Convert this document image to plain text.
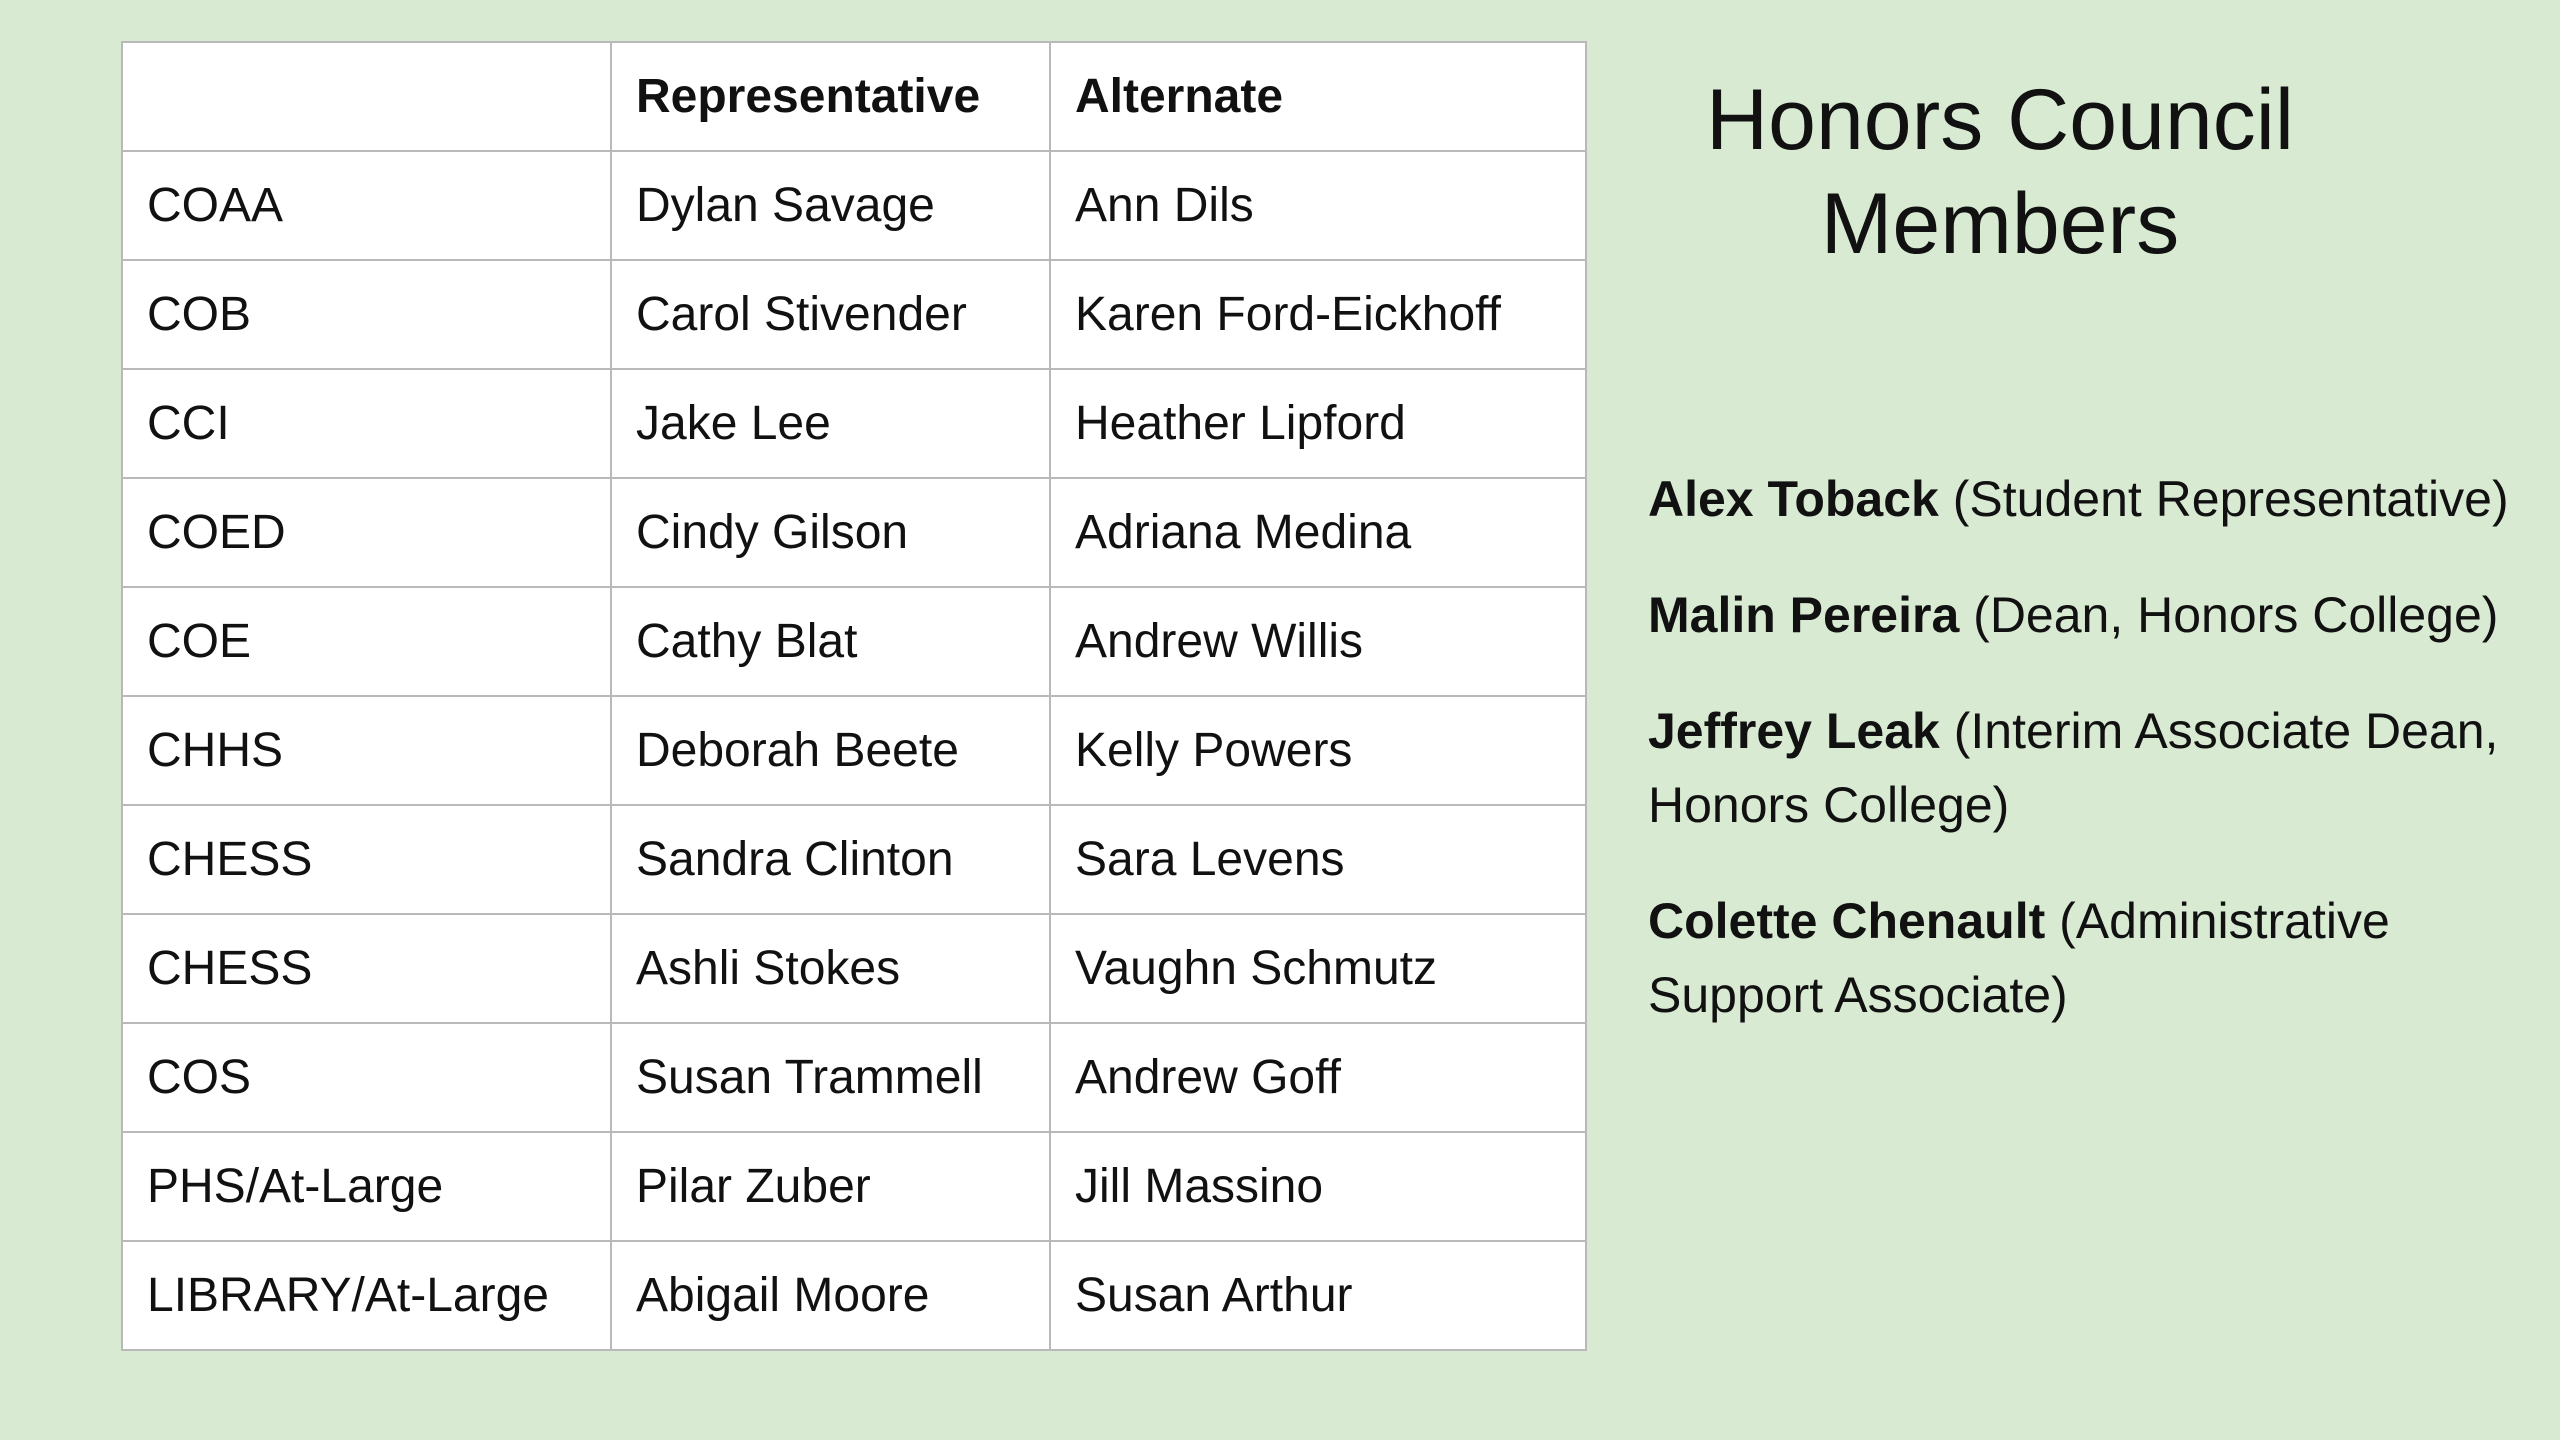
	Representative	Alternate
COAA	Dylan Savage	Ann Dils
COB	Carol Stivender	Karen Ford-Eickhoff
CCI	Jake Lee	Heather Lipford
COED	Cindy Gilson	Adriana Medina
COE	Cathy Blat	Andrew Willis
CHHS	Deborah Beete	Kelly Powers
CHESS	Sandra Clinton	Sara Levens
CHESS	Ashli Stokes	Vaughn Schmutz
COS	Susan Trammell	Andrew Goff
PHS/At-Large	Pilar Zuber	Jill Massino
LIBRARY/At-Large	Abigail Moore	Susan Arthur
Honors Council
Members

Alex Toback (Student Representative)

Malin Pereira (Dean, Honors College)

Jeffrey Leak (Interim Associate Dean, Honors College)

Colette Chenault (Administrative Support Associate)
